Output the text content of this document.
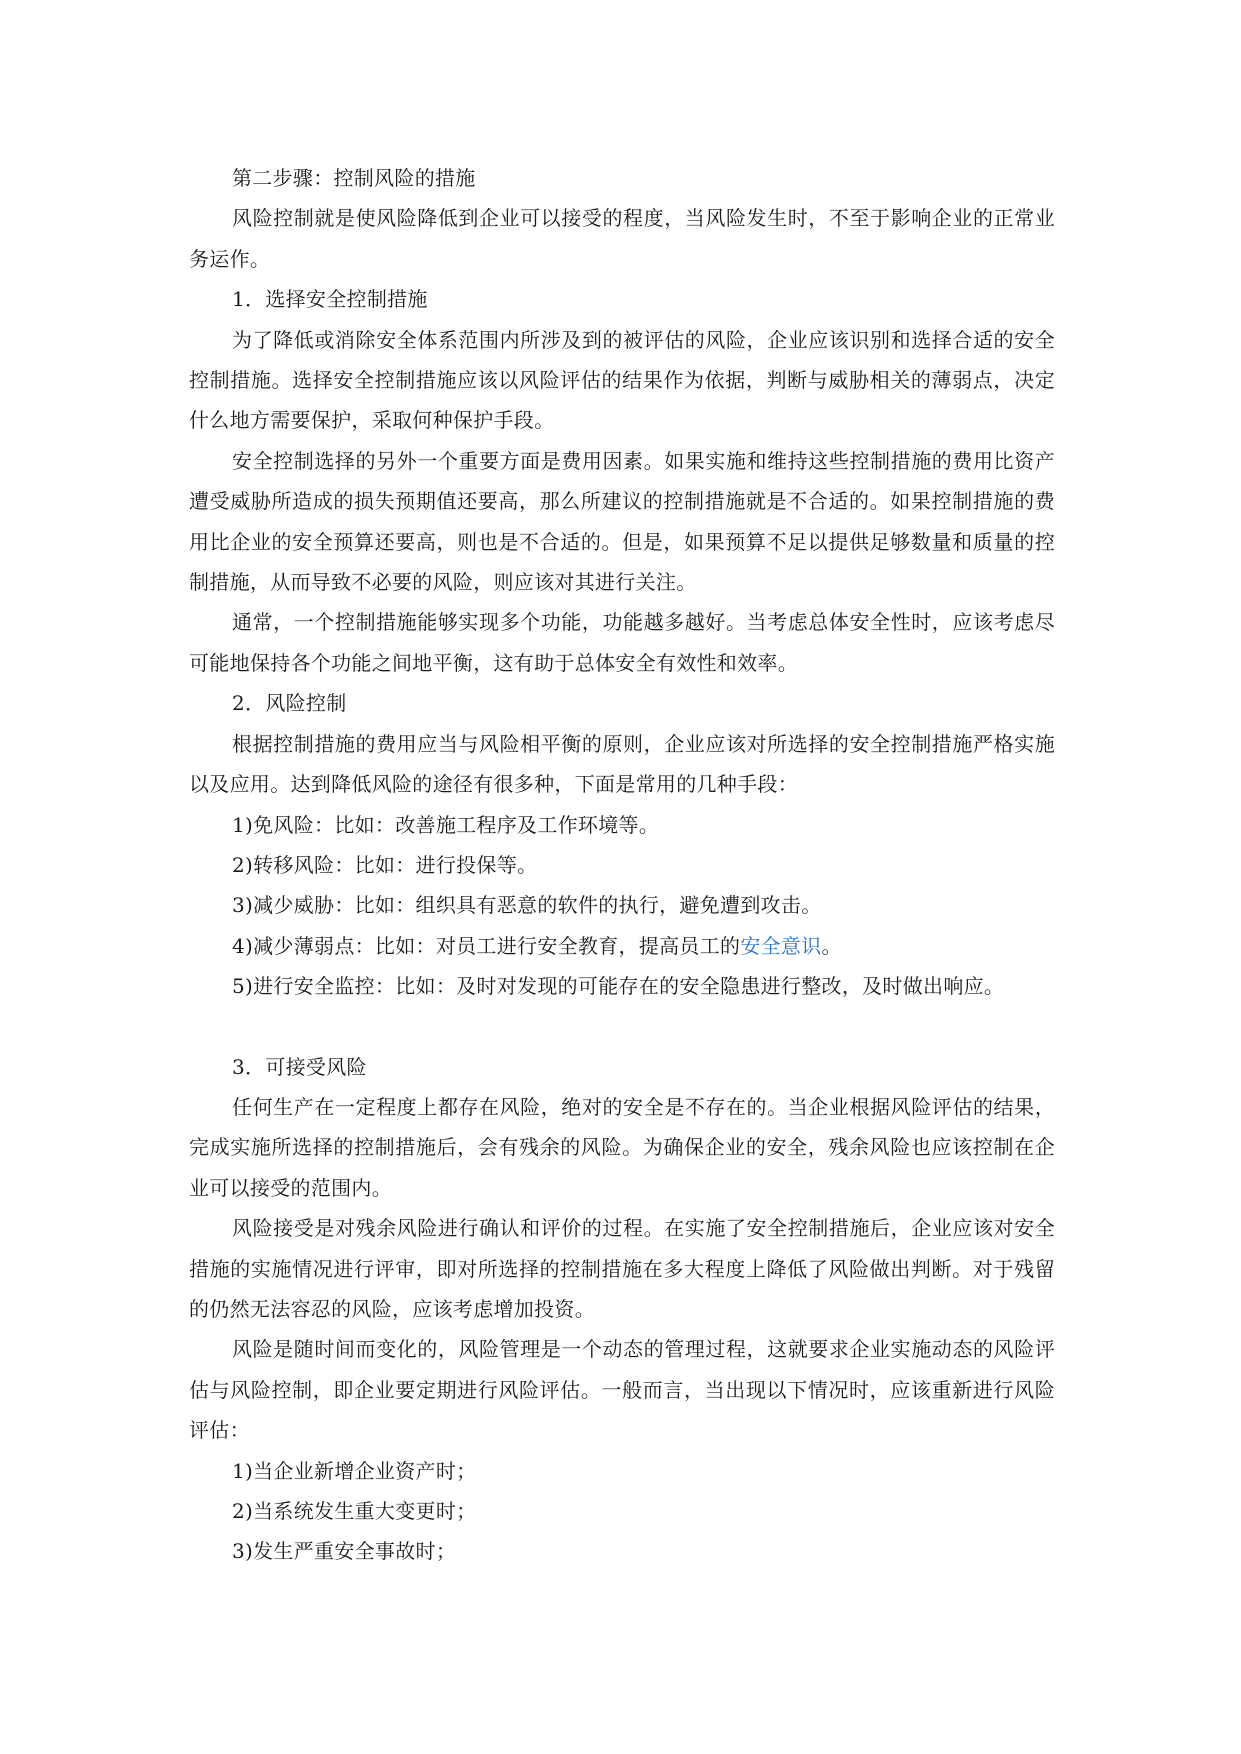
第二步骤：控制风险的措施

风险控制就是使风险降低到企业可以接受的程度，当风险发生时，不至于影响企业的正常业务运作。

1．选择安全控制措施

为了降低或消除安全体系范围内所涉及到的被评估的风险，企业应该识别和选择合适的安全控制措施。选择安全控制措施应该以风险评估的结果作为依据，判断与威胁相关的薄弱点，决定什么地方需要保护，采取何种保护手段。

安全控制选择的另外一个重要方面是费用因素。如果实施和维持这些控制措施的费用比资产遭受威胁所造成的损失预期值还要高，那么所建议的控制措施就是不合适的。如果控制措施的费用比企业的安全预算还要高，则也是不合适的。但是，如果预算不足以提供足够数量和质量的控制措施，从而导致不必要的风险，则应该对其进行关注。

通常，一个控制措施能够实现多个功能，功能越多越好。当考虑总体安全性时，应该考虑尽可能地保持各个功能之间地平衡，这有助于总体安全有效性和效率。

2．风险控制

根据控制措施的费用应当与风险相平衡的原则，企业应该对所选择的安全控制措施严格实施以及应用。达到降低风险的途径有很多种，下面是常用的几种手段：

1)免风险：比如：改善施工程序及工作环境等。

2)转移风险：比如：进行投保等。

3)减少威胁：比如：组织具有恶意的软件的执行，避免遭到攻击。

4)减少薄弱点：比如：对员工进行安全教育，提高员工的安全意识。

5)进行安全监控：比如：及时对发现的可能存在的安全隐患进行整改，及时做出响应。

3．可接受风险

任何生产在一定程度上都存在风险，绝对的安全是不存在的。当企业根据风险评估的结果，完成实施所选择的控制措施后，会有残余的风险。为确保企业的安全，残余风险也应该控制在企业可以接受的范围内。

风险接受是对残余风险进行确认和评价的过程。在实施了安全控制措施后，企业应该对安全措施的实施情况进行评审，即对所选择的控制措施在多大程度上降低了风险做出判断。对于残留的仍然无法容忍的风险，应该考虑增加投资。

风险是随时间而变化的，风险管理是一个动态的管理过程，这就要求企业实施动态的风险评估与风险控制，即企业要定期进行风险评估。一般而言，当出现以下情况时，应该重新进行风险评估：

1)当企业新增企业资产时；

2)当系统发生重大变更时；

3)发生严重安全事故时；
